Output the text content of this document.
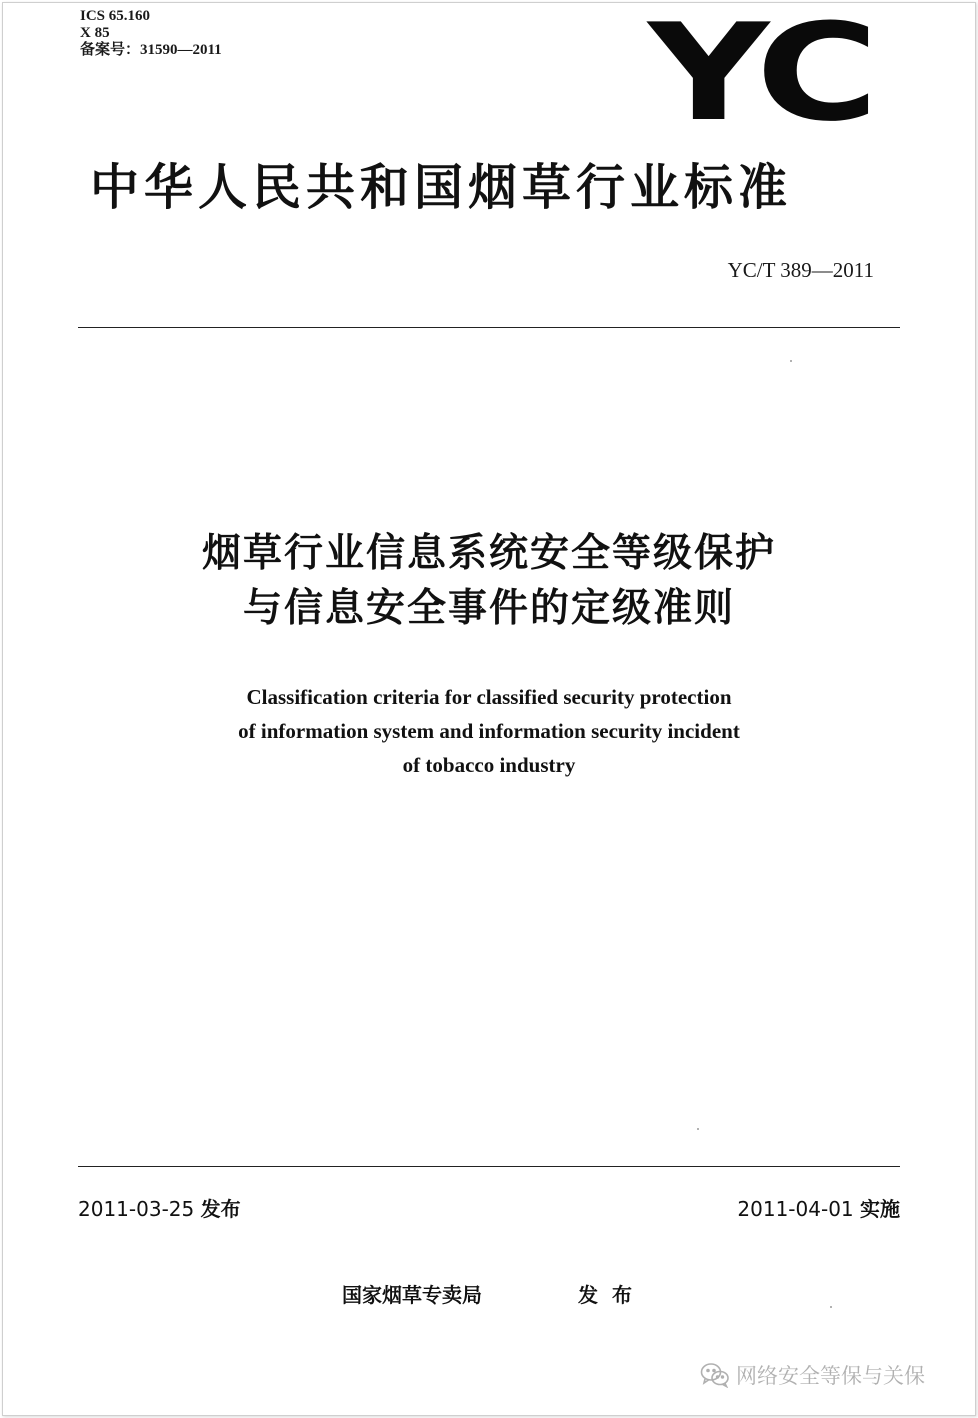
ICS 65.160
X 85
备案号：31590—2011	YC
中华人民共和国烟草行业标准
YC/T 389—2011
烟草行业信息系统安全等级保护
与信息安全事件的定级准则
Classification criteria for classified security protection
of information system and information security incident
of tobacco industry
2011-03-25 发布	2011-04-01 实施
国家烟草专卖局	发布
网络安全等保与关保
